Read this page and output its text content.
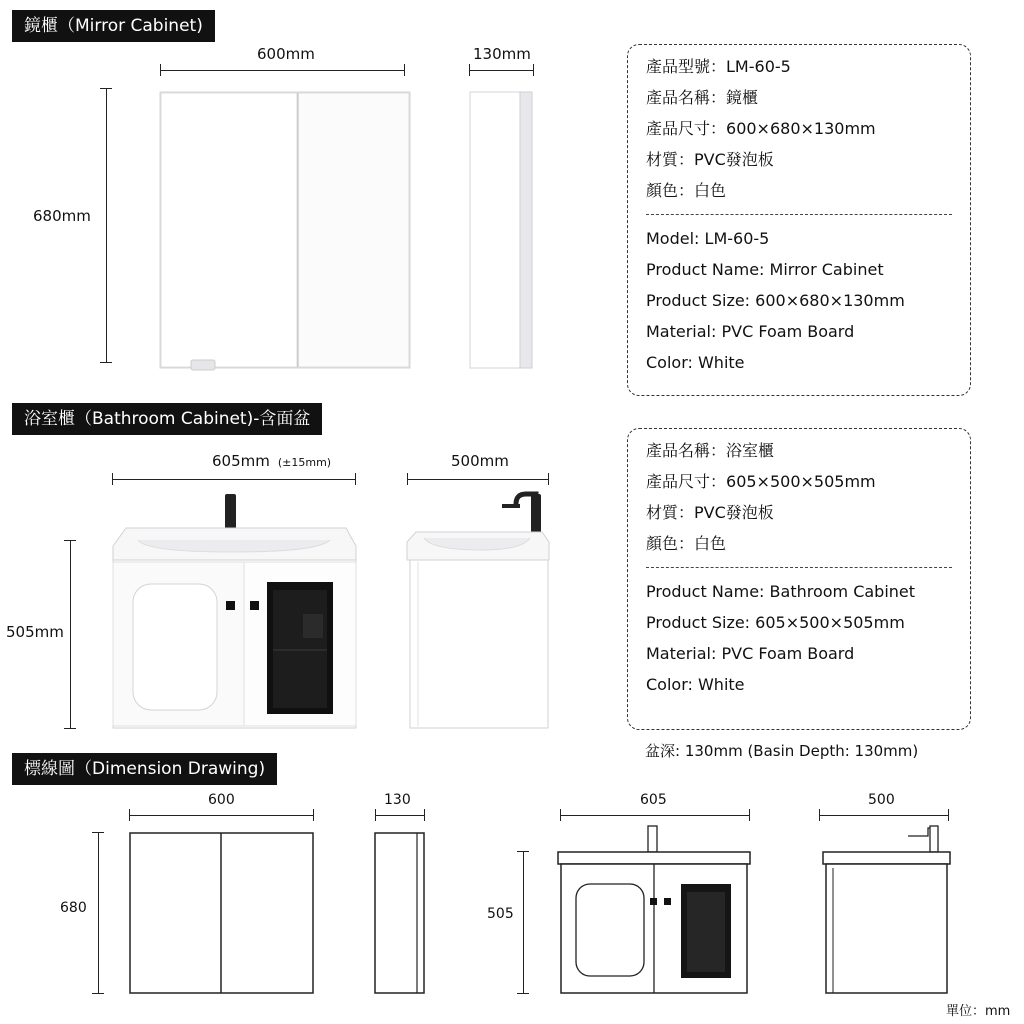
鏡櫃（Mirror Cabinet)
浴室櫃（Bathroom Cabinet)‑含面盆
標線圖（Dimension Drawing)
600mm	130mm
680mm
產品型號：LM-60-5
產品名稱：鏡櫃
產品尺寸：600×680×130mm
材質：PVC發泡板
顏色：白色
Model: LM-60-5
Product Name: Mirror Cabinet
Product Size: 600×680×130mm
Material: PVC Foam Board
Color: White
605mm (±15mm)	500mm
505mm
產品名稱：浴室櫃
產品尺寸：605×500×505mm
材質：PVC發泡板
顏色：白色
Product Name: Bathroom Cabinet
Product Size: 605×500×505mm
Material: PVC Foam Board
Color: White
盆深: 130mm (Basin Depth: 130mm)
600	130
680
605	500
505
單位：mm
